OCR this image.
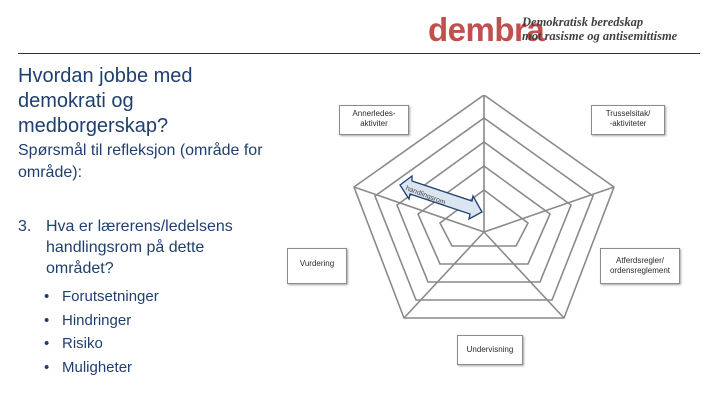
dembra
Demokratisk beredskap
mot rasisme og antisemittisme
Hvordan jobbe med demokrati og medborgerskap?

Spørsmål til refleksjon (område for område):

3. Hva er lærerens/ledelsens handlingsrom på dette området?
• Forutsetninger
• Hindringer
• Risiko
• Muligheter
handlingsrom
Annerledes-
aktiviter
Trusselsitak/
-aktiviteter
Vurdering	Atferdsregler/
ordensreglement
Undervisning
